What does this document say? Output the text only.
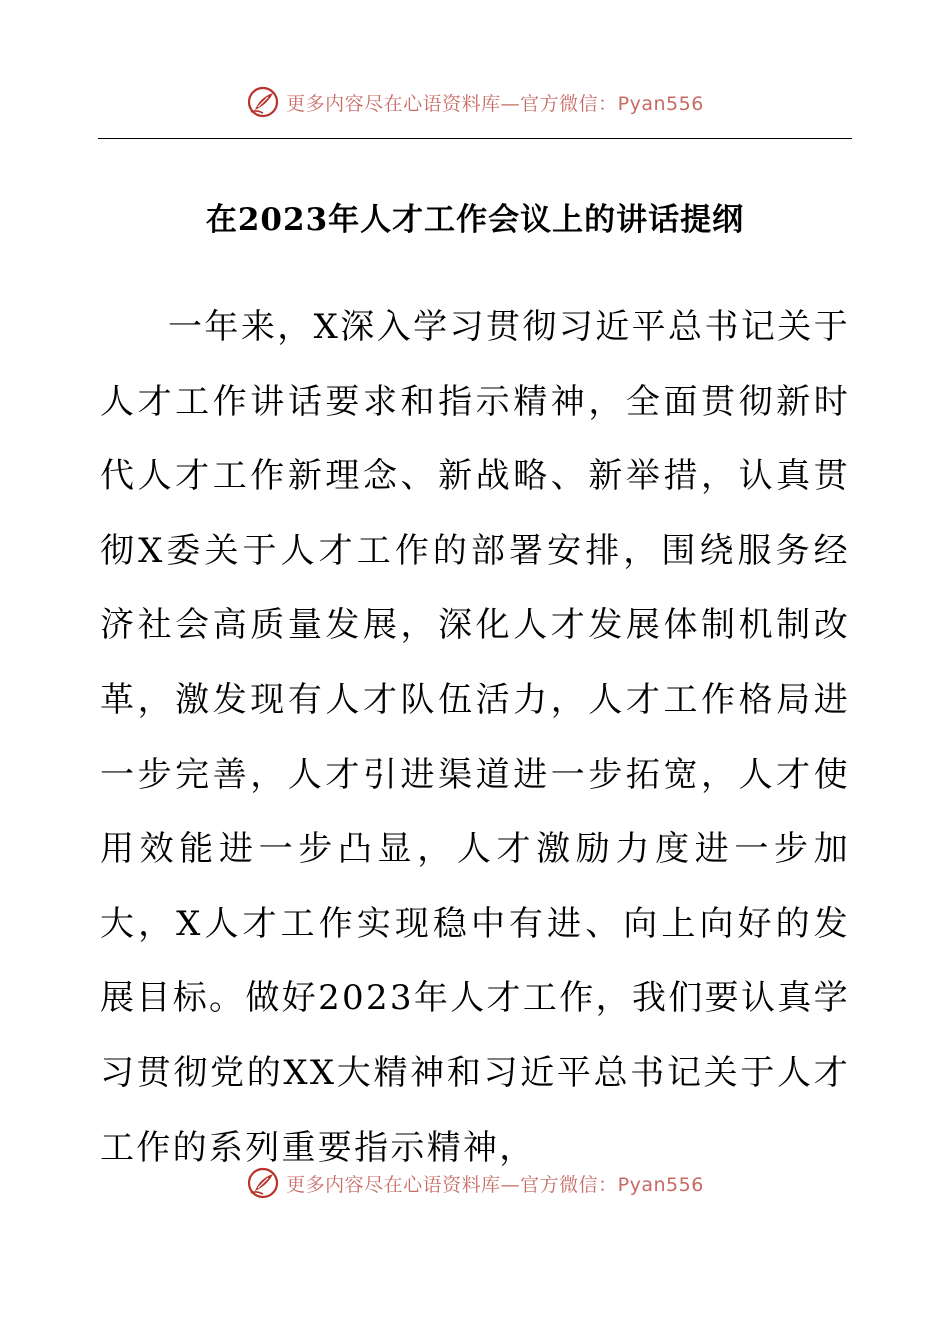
更多内容尽在心语资料库—官方微信：Pyan556
在2023年人才工作会议上的讲话提纲

一年来，X深入学习贯彻习近平总书记关于人才工作讲话要求和指示精神，全面贯彻新时代人才工作新理念、新战略、新举措，认真贯彻X委关于人才工作的部署安排，围绕服务经济社会高质量发展，深化人才发展体制机制改革，激发现有人才队伍活力，人才工作格局进一步完善，人才引进渠道进一步拓宽，人才使用效能进一步凸显，人才激励力度进一步加大，X人才工作实现稳中有进、向上向好的发展目标。做好2023年人才工作，我们要认真学习贯彻党的XX大精神和习近平总书记关于人才工作的系列重要指示精神，

更多内容尽在心语资料库—官方微信：Pyan556
